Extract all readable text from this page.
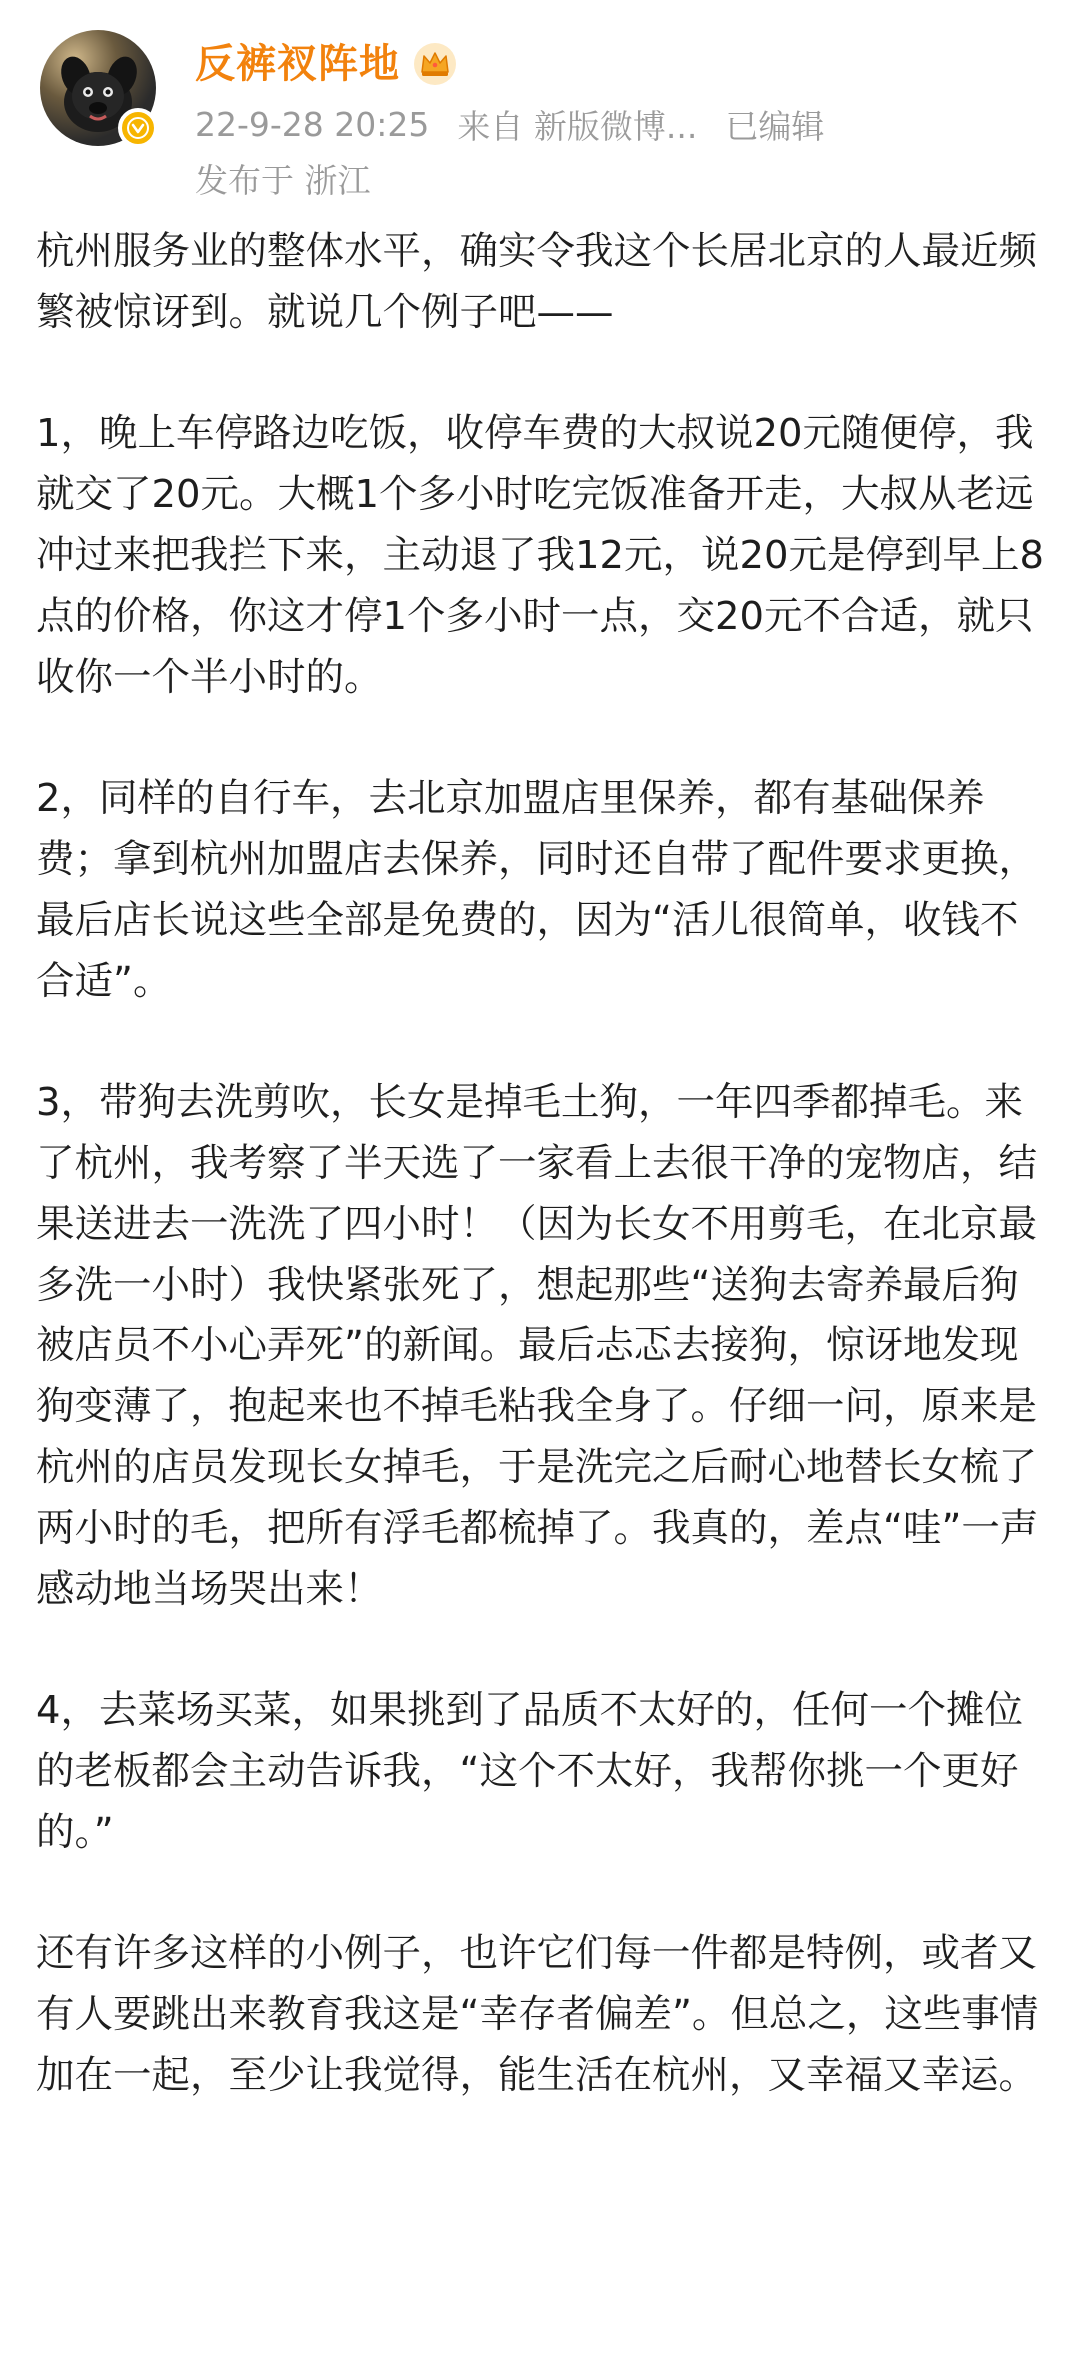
反裤衩阵地
22-9-28 20:25 来自 新版微博... 已编辑
发布于 浙江

杭州服务业的整体水平，确实令我这个长居北京的人最近频繁被惊讶到。就说几个例子吧——

1，晚上车停路边吃饭，收停车费的大叔说20元随便停，我就交了20元。大概1个多小时吃完饭准备开走，大叔从老远冲过来把我拦下来，主动退了我12元，说20元是停到早上8点的价格，你这才停1个多小时一点，交20元不合适，就只收你一个半小时的。

2，同样的自行车，去北京加盟店里保养，都有基础保养费；拿到杭州加盟店去保养，同时还自带了配件要求更换，最后店长说这些全部是免费的，因为“活儿很简单，收钱不合适”。

3，带狗去洗剪吹，长女是掉毛土狗，一年四季都掉毛。来了杭州，我考察了半天选了一家看上去很干净的宠物店，结果送进去一洗洗了四小时！（因为长女不用剪毛，在北京最多洗一小时）我快紧张死了，想起那些“送狗去寄养最后狗被店员不小心弄死”的新闻。最后忐忑去接狗，惊讶地发现狗变薄了，抱起来也不掉毛粘我全身了。仔细一问，原来是杭州的店员发现长女掉毛，于是洗完之后耐心地替长女梳了两小时的毛，把所有浮毛都梳掉了。我真的，差点“哇”一声感动地当场哭出来！

4，去菜场买菜，如果挑到了品质不太好的，任何一个摊位的老板都会主动告诉我，“这个不太好，我帮你挑一个更好的。”

还有许多这样的小例子，也许它们每一件都是特例，或者又有人要跳出来教育我这是“幸存者偏差”。但总之，这些事情加在一起，至少让我觉得，能生活在杭州，又幸福又幸运。
